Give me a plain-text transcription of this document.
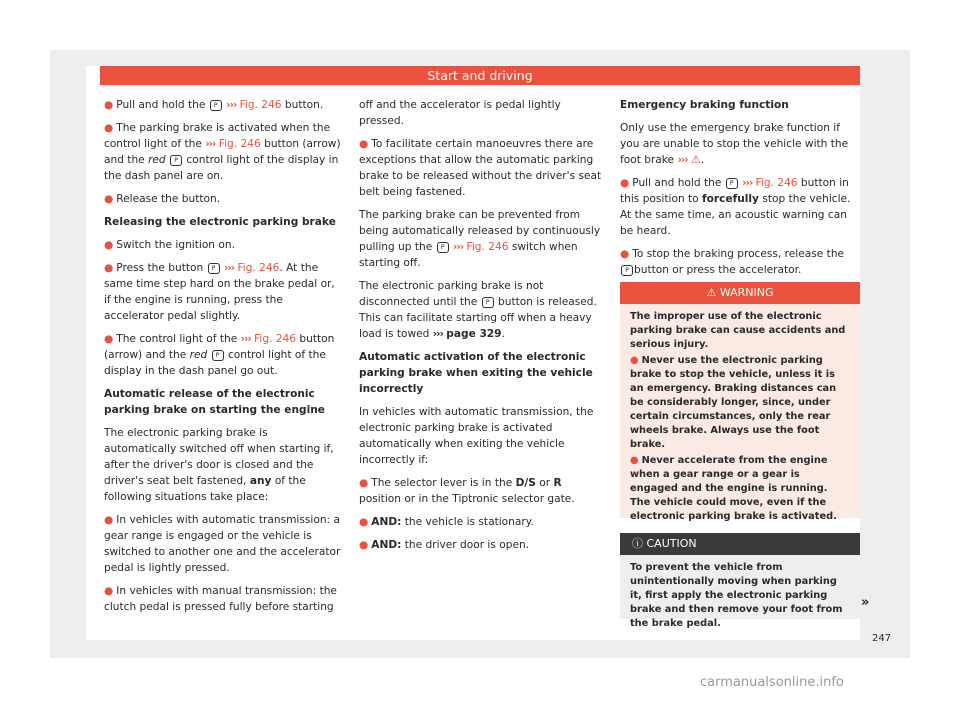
Start and driving

● Pull and hold the P ››› Fig. 246 button.

● The parking brake is activated when the control light of the ››› Fig. 246 button (arrow) and the red P control light of the display in the dash panel are on.

● Release the button.

Releasing the electronic parking brake

● Switch the ignition on.

● Press the button P ››› Fig. 246. At the same time step hard on the brake pedal or, if the engine is running, press the accelerator pedal slightly.

● The control light of the ››› Fig. 246 button (arrow) and the red P control light of the display in the dash panel go out.

Automatic release of the electronic parking brake on starting the engine

The electronic parking brake is automatically switched off when starting if, after the driver's door is closed and the driver's seat belt fastened, any of the following situations take place:

● In vehicles with automatic transmission: a gear range is engaged or the vehicle is switched to another one and the accelerator pedal is lightly pressed.

● In vehicles with manual transmission: the clutch pedal is pressed fully before starting

off and the accelerator is pedal lightly pressed.

● To facilitate certain manoeuvres there are exceptions that allow the automatic parking brake to be released without the driver's seat belt being fastened.

The parking brake can be prevented from being automatically released by continuously pulling up the P ››› Fig. 246 switch when starting off.

The electronic parking brake is not disconnected until the P button is released. This can facilitate starting off when a heavy load is towed ››› page 329.

Automatic activation of the electronic parking brake when exiting the vehicle incorrectly

In vehicles with automatic transmission, the electronic parking brake is activated automatically when exiting the vehicle incorrectly if:

● The selector lever is in the D/S or R position or in the Tiptronic selector gate.

● AND: the vehicle is stationary.

● AND: the driver door is open.

Emergency braking function

Only use the emergency brake function if you are unable to stop the vehicle with the foot brake ››› ⚠.

● Pull and hold the P ››› Fig. 246 button in this position to forcefully stop the vehicle. At the same time, an acoustic warning can be heard.

● To stop the braking process, release the P button or press the accelerator.

⚠ WARNING

The improper use of the electronic parking brake can cause accidents and serious injury.

● Never use the electronic parking brake to stop the vehicle, unless it is an emergency. Braking distances can be considerably longer, since, under certain circumstances, only the rear wheels brake. Always use the foot brake.

● Never accelerate from the engine when a gear range or a gear is engaged and the engine is running. The vehicle could move, even if the electronic parking brake is activated.

ⓘ CAUTION
To prevent the vehicle from unintentionally moving when parking it, first apply the electronic parking brake and then remove your foot from the brake pedal.
»
247
carmanualsonline.info
